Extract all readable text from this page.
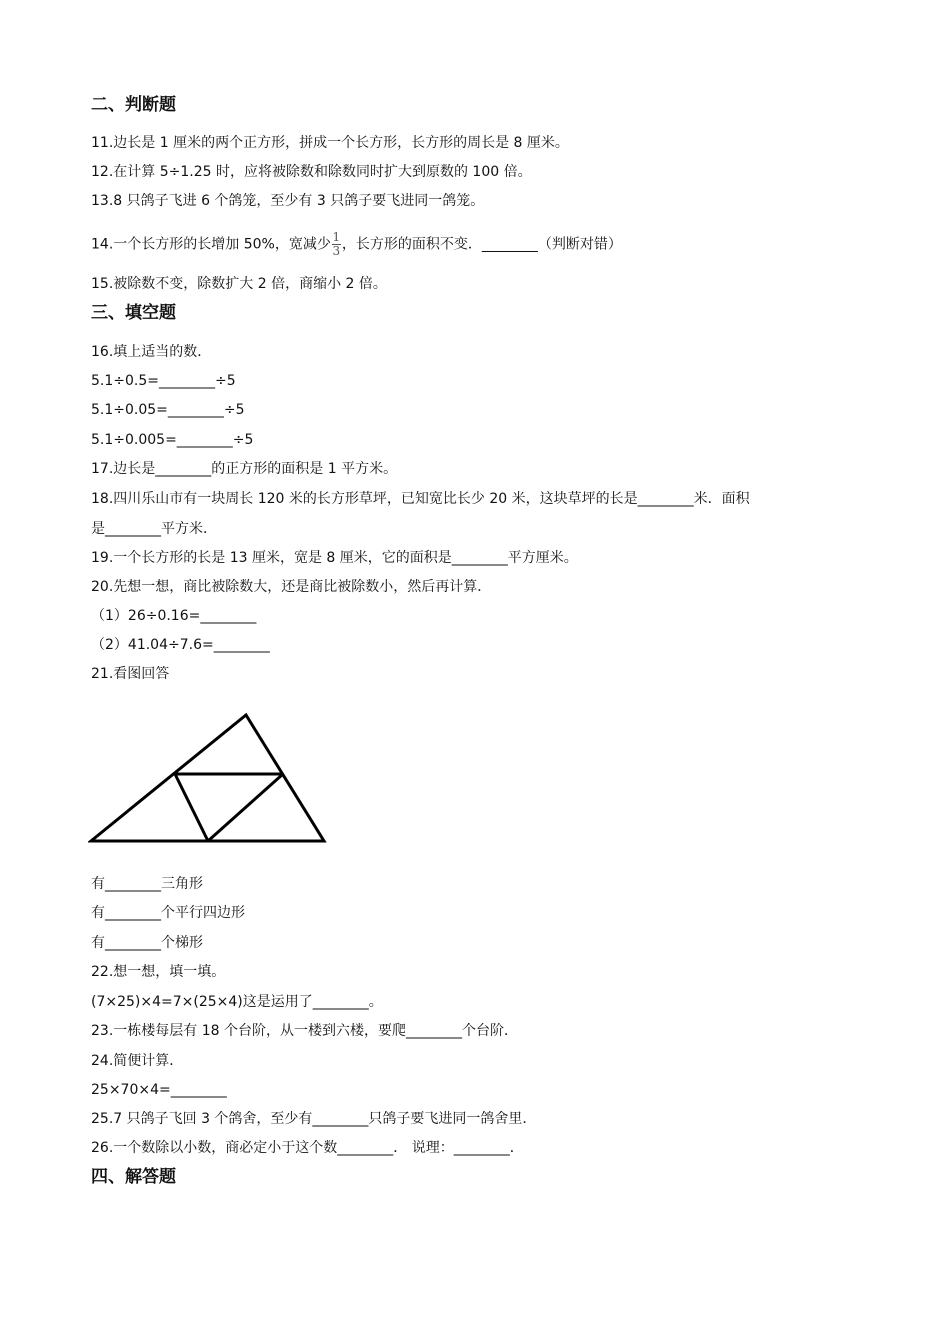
二、判断题
11.边长是 1 厘米的两个正方形，拼成一个长方形，长方形的周长是 8 厘米。
12.在计算 5÷1.25 时，应将被除数和除数同时扩大到原数的 100 倍。
13.8 只鸽子飞进 6 个鸽笼，至少有 3 只鸽子要飞进同一鸽笼。
14.一个长方形的长增加 50%，宽减少 $\frac{1}{3}$ ，长方形的面积不变．________（判断对错）
15.被除数不变，除数扩大 2 倍，商缩小 2 倍。
三、填空题
16.填上适当的数．
5.1÷0.5=________÷5
5.1÷0.05=________÷5
5.1÷0.005=________÷5
17.边长是________的正方形的面积是 1 平方米。
18.四川乐山市有一块周长 120 米的长方形草坪，已知宽比长少 20 米，这块草坪的长是________米．面积
是________平方米．
19.一个长方形的长是 13 厘米，宽是 8 厘米，它的面积是________平方厘米。
20.先想一想，商比被除数大，还是商比被除数小，然后再计算．
（1）26÷0.16=________
（2）41.04÷7.6=________
21.看图回答
有________三角形
有________个平行四边形
有________个梯形
22.想一想，填一填。
(7×25)×4=7×(25×4)这是运用了________。
23.一栋楼每层有 18 个台阶，从一楼到六楼，要爬________个台阶．
24.简便计算．
25×70×4=________
25.7 只鸽子飞回 3 个鸽舍，至少有________只鸽子要飞进同一鸽舍里．
26.一个数除以小数，商必定小于这个数________． 说理：________．
四、解答题
